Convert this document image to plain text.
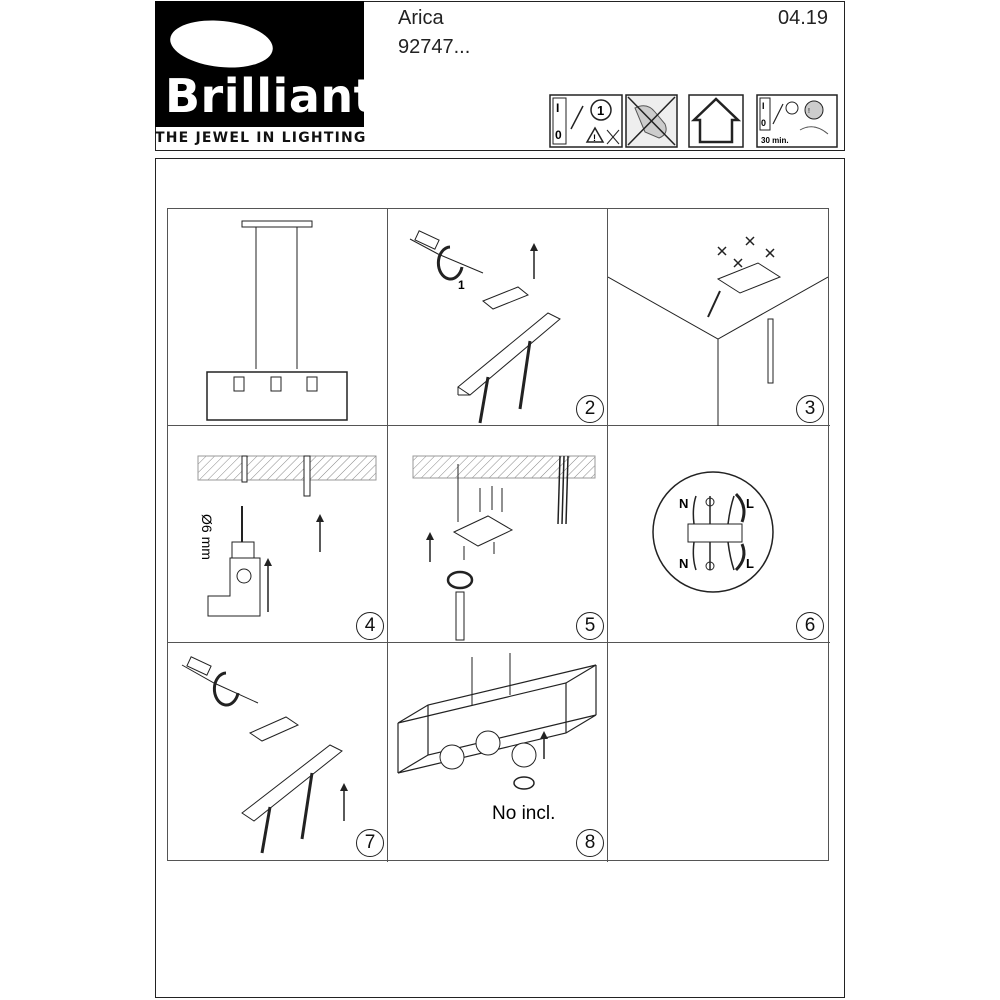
Brilliant
THE JEWEL IN LIGHTING
Arica
92747...
04.19
I
0
1
!
I
0
!
30 min.
1
2	3
Ø6 mm
4	5
N	L
N	L
6
7
No incl.
8
